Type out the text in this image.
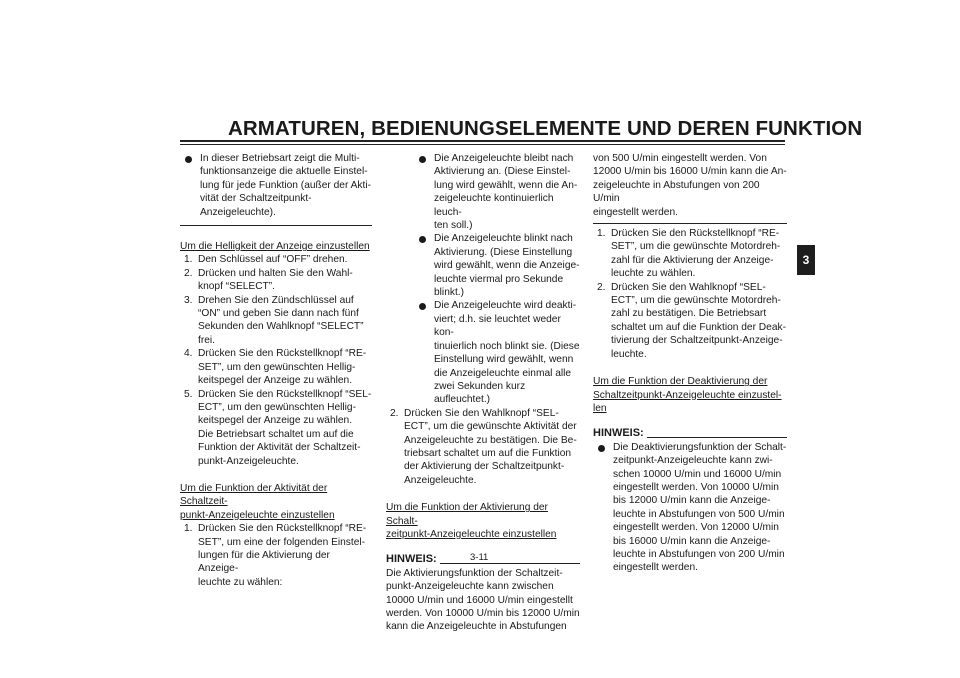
ARMATUREN, BEDIENUNGSELEMENTE UND DEREN FUNKTION
3

In dieser Betriebsart zeigt die Multi-

funktionsanzeige die aktuelle Einstel-

lung für jede Funktion (außer der Akti-

vität der Schaltzeitpunkt-

Anzeigeleuchte).

Um die Helligkeit der Anzeige einzustellen

1. Den Schlüssel auf “OFF” drehen.

2. Drücken und halten Sie den Wahl-

knopf “SELECT”.

3. Drehen Sie den Zündschlüssel auf

“ON” und geben Sie dann nach fünf

Sekunden den Wahlknopf “SELECT”

frei.

4. Drücken Sie den Rückstellknopf “RE-

SET”, um den gewünschten Hellig-

keitspegel der Anzeige zu wählen.

5. Drücken Sie den Rückstellknopf “SEL-

ECT”, um den gewünschten Hellig-

keitspegel der Anzeige zu wählen.

Die Betriebsart schaltet um auf die

Funktion der Aktivität der Schaltzeit-

punkt-Anzeigeleuchte.

Um die Funktion der Aktivität der Schaltzeit-

punkt-Anzeigeleuchte einzustellen

1. Drücken Sie den Rückstellknopf “RE-

SET”, um eine der folgenden Einstel-

lungen für die Aktivierung der Anzeige-

leuchte zu wählen:

Die Anzeigeleuchte bleibt nach

Aktivierung an. (Diese Einstel-

lung wird gewählt, wenn die An-

zeigeleuchte kontinuierlich leuch-

ten soll.)

Die Anzeigeleuchte blinkt nach

Aktivierung. (Diese Einstellung

wird gewählt, wenn die Anzeige-

leuchte viermal pro Sekunde

blinkt.)

Die Anzeigeleuchte wird deakti-

viert; d.h. sie leuchtet weder kon-

tinuierlich noch blinkt sie. (Diese

Einstellung wird gewählt, wenn

die Anzeigeleuchte einmal alle

zwei Sekunden kurz aufleuchtet.)

2. Drücken Sie den Wahlknopf “SEL-

ECT”, um die gewünschte Aktivität der

Anzeigeleuchte zu bestätigen. Die Be-

triebsart schaltet um auf die Funktion

der Aktivierung der Schaltzeitpunkt-

Anzeigeleuchte.

Um die Funktion der Aktivierung der Schalt-

zeitpunkt-Anzeigeleuchte einzustellen

HINWEIS:

Die Aktivierungsfunktion der Schaltzeit-

punkt-Anzeigeleuchte kann zwischen

10000 U/min und 16000 U/min eingestellt

werden. Von 10000 U/min bis 12000 U/min

kann die Anzeigeleuchte in Abstufungen

von 500 U/min eingestellt werden. Von

12000 U/min bis 16000 U/min kann die An-

zeigeleuchte in Abstufungen von 200 U/min

eingestellt werden.

1. Drücken Sie den Rückstellknopf “RE-

SET”, um die gewünschte Motordreh-

zahl für die Aktivierung der Anzeige-

leuchte zu wählen.

2. Drücken Sie den Wahlknopf “SEL-

ECT”, um die gewünschte Motordreh-

zahl zu bestätigen. Die Betriebsart

schaltet um auf die Funktion der Deak-

tivierung der Schaltzeitpunkt-Anzeige-

leuchte.

Um die Funktion der Deaktivierung der

Schaltzeitpunkt-Anzeigeleuchte einzustel-

len

HINWEIS:

Die Deaktivierungsfunktion der Schalt-

zeitpunkt-Anzeigeleuchte kann zwi-

schen 10000 U/min und 16000 U/min

eingestellt werden. Von 10000 U/min

bis 12000 U/min kann die Anzeige-

leuchte in Abstufungen von 500 U/min

eingestellt werden. Von 12000 U/min

bis 16000 U/min kann die Anzeige-

leuchte in Abstufungen von 200 U/min

eingestellt werden.

3-11
